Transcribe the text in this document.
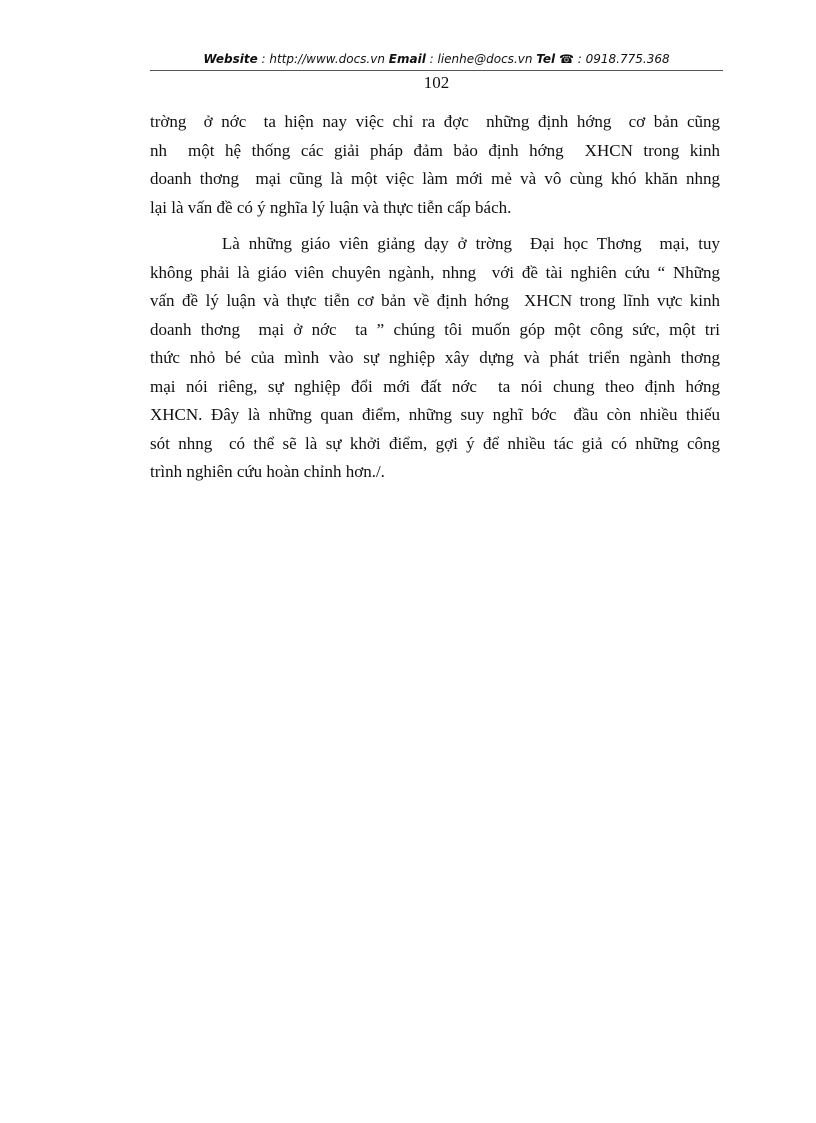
Website : http://www.docs.vn Email : lienhe@docs.vn Tel ☎ : 0918.775.368
102
trờng  ở nớc  ta hiện nay việc chỉ ra đợc  những định hớng  cơ bản cũng
nh  một hệ thống các giải pháp đảm bảo định hớng  XHCN trong kinh
doanh thơng  mại cũng là một việc làm mới mẻ và vô cùng khó khăn nhng
lại là vấn đề có ý nghĩa lý luận và thực tiễn cấp bách.
Là những giáo viên giảng dạy ở trờng  Đại học Thơng  mại, tuy
không phải là giáo viên chuyên ngành, nhng  với đề tài nghiên cứu “ Những
vấn đề lý luận và thực tiễn cơ bản về định hớng  XHCN trong lĩnh vực kinh
doanh thơng  mại ở nớc  ta ” chúng tôi muốn góp một công sức, một tri
thức nhỏ bé của mình vào sự nghiệp xây dựng và phát triển ngành thơng
mại nói riêng, sự nghiệp đổi mới đất nớc  ta nói chung theo định hớng
XHCN. Đây là những quan điểm, những suy nghĩ bớc  đầu còn nhiều thiếu
sót nhng  có thể sẽ là sự khởi điểm, gợi ý để nhiều tác giả có những công
trình nghiên cứu hoàn chỉnh hơn./.
